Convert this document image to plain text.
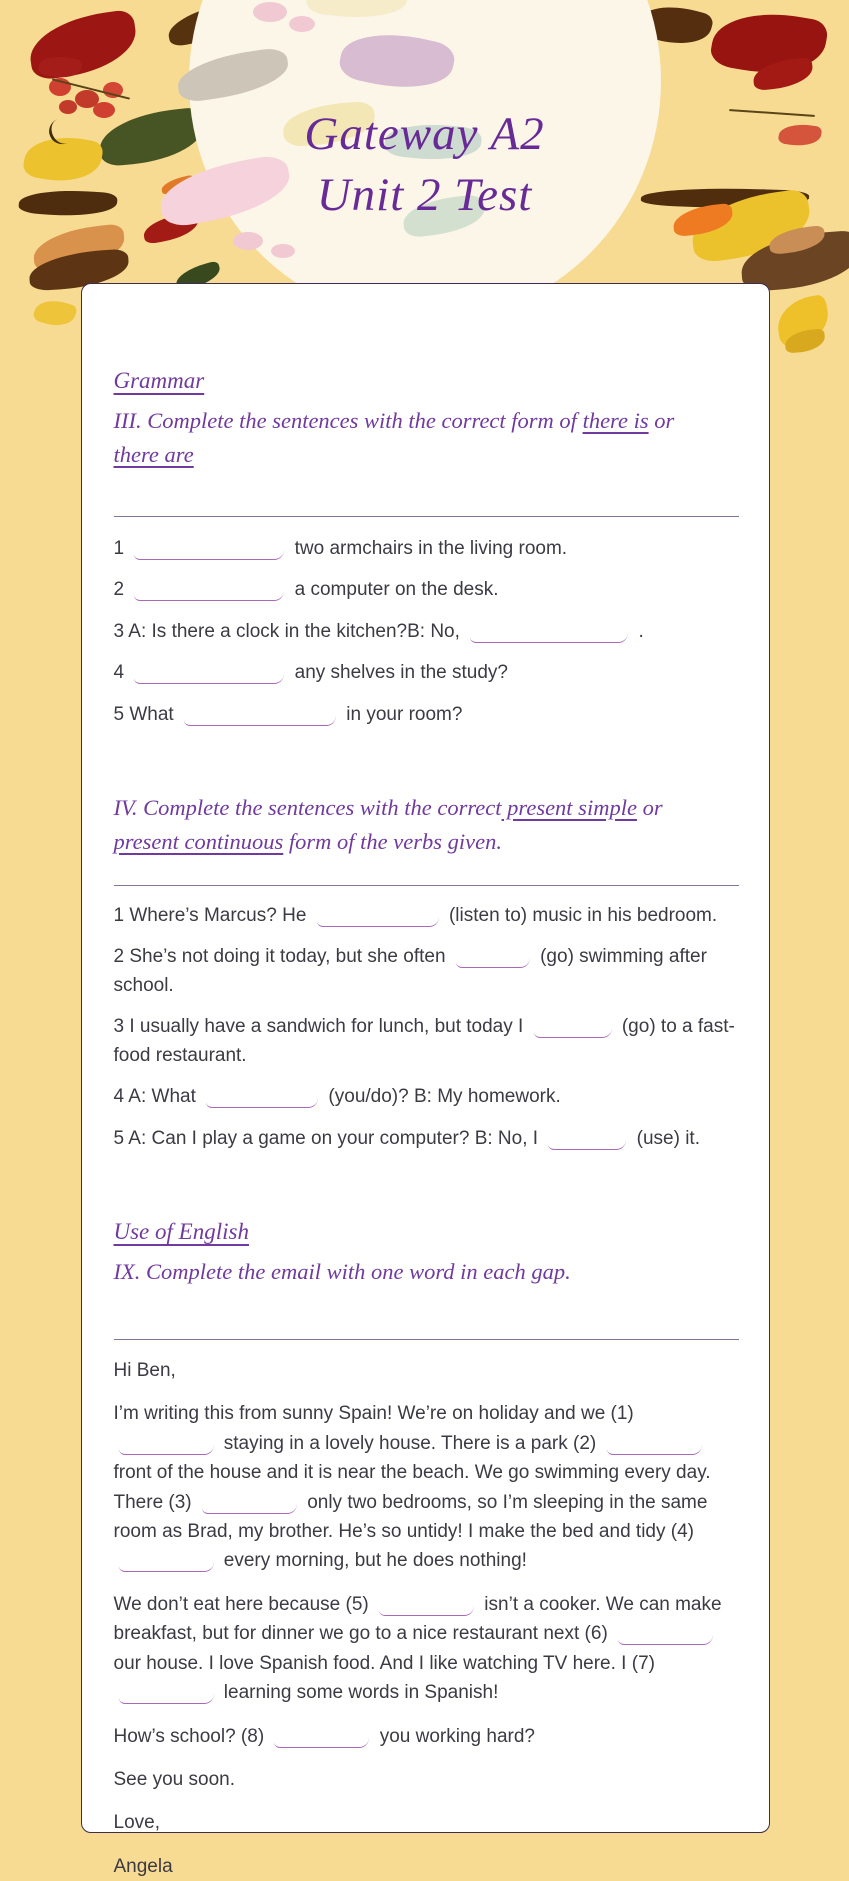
Gateway A2
Unit 2 Test
Grammar

III. Complete the sentences with the correct form of there is or there are

1	two armchairs in the living room.

2	a computer on the desk.

3 A: Is there a clock in the kitchen?B: No,	.

4	any shelves in the study?

5 What	in your room?

IV. Complete the sentences with the correct present simple or present continuous form of the verbs given.

1 Where’s Marcus? He	(listen to) music in his bedroom.

2 She’s not doing it today, but she often	(go) swimming after school.

3 I usually have a sandwich for lunch, but today I	(go) to a fast-food restaurant.

4 A: What	(you/do)? B: My homework.

5 A: Can I play a game on your computer? B: No, I	(use) it.

Use of English

IX. Complete the email with one word in each gap.

Hi Ben,

I’m writing this from sunny Spain! We’re on holiday and we (1)  staying in a lovely house. There is a park (2)  front of the house and it is near the beach. We go swimming every day. There (3)	only two bedrooms, so I’m sleeping in the same room as Brad, my brother. He’s so untidy! I make the bed and tidy (4)  every morning, but he does nothing!

We don’t eat here because (5)	isn’t a cooker. We can make breakfast, but for dinner we go to a nice restaurant next (6)  our house. I love Spanish food. And I like watching TV here. I (7)  learning some words in Spanish!

How’s school? (8)	you working hard?

See you soon.

Love,

Angela
